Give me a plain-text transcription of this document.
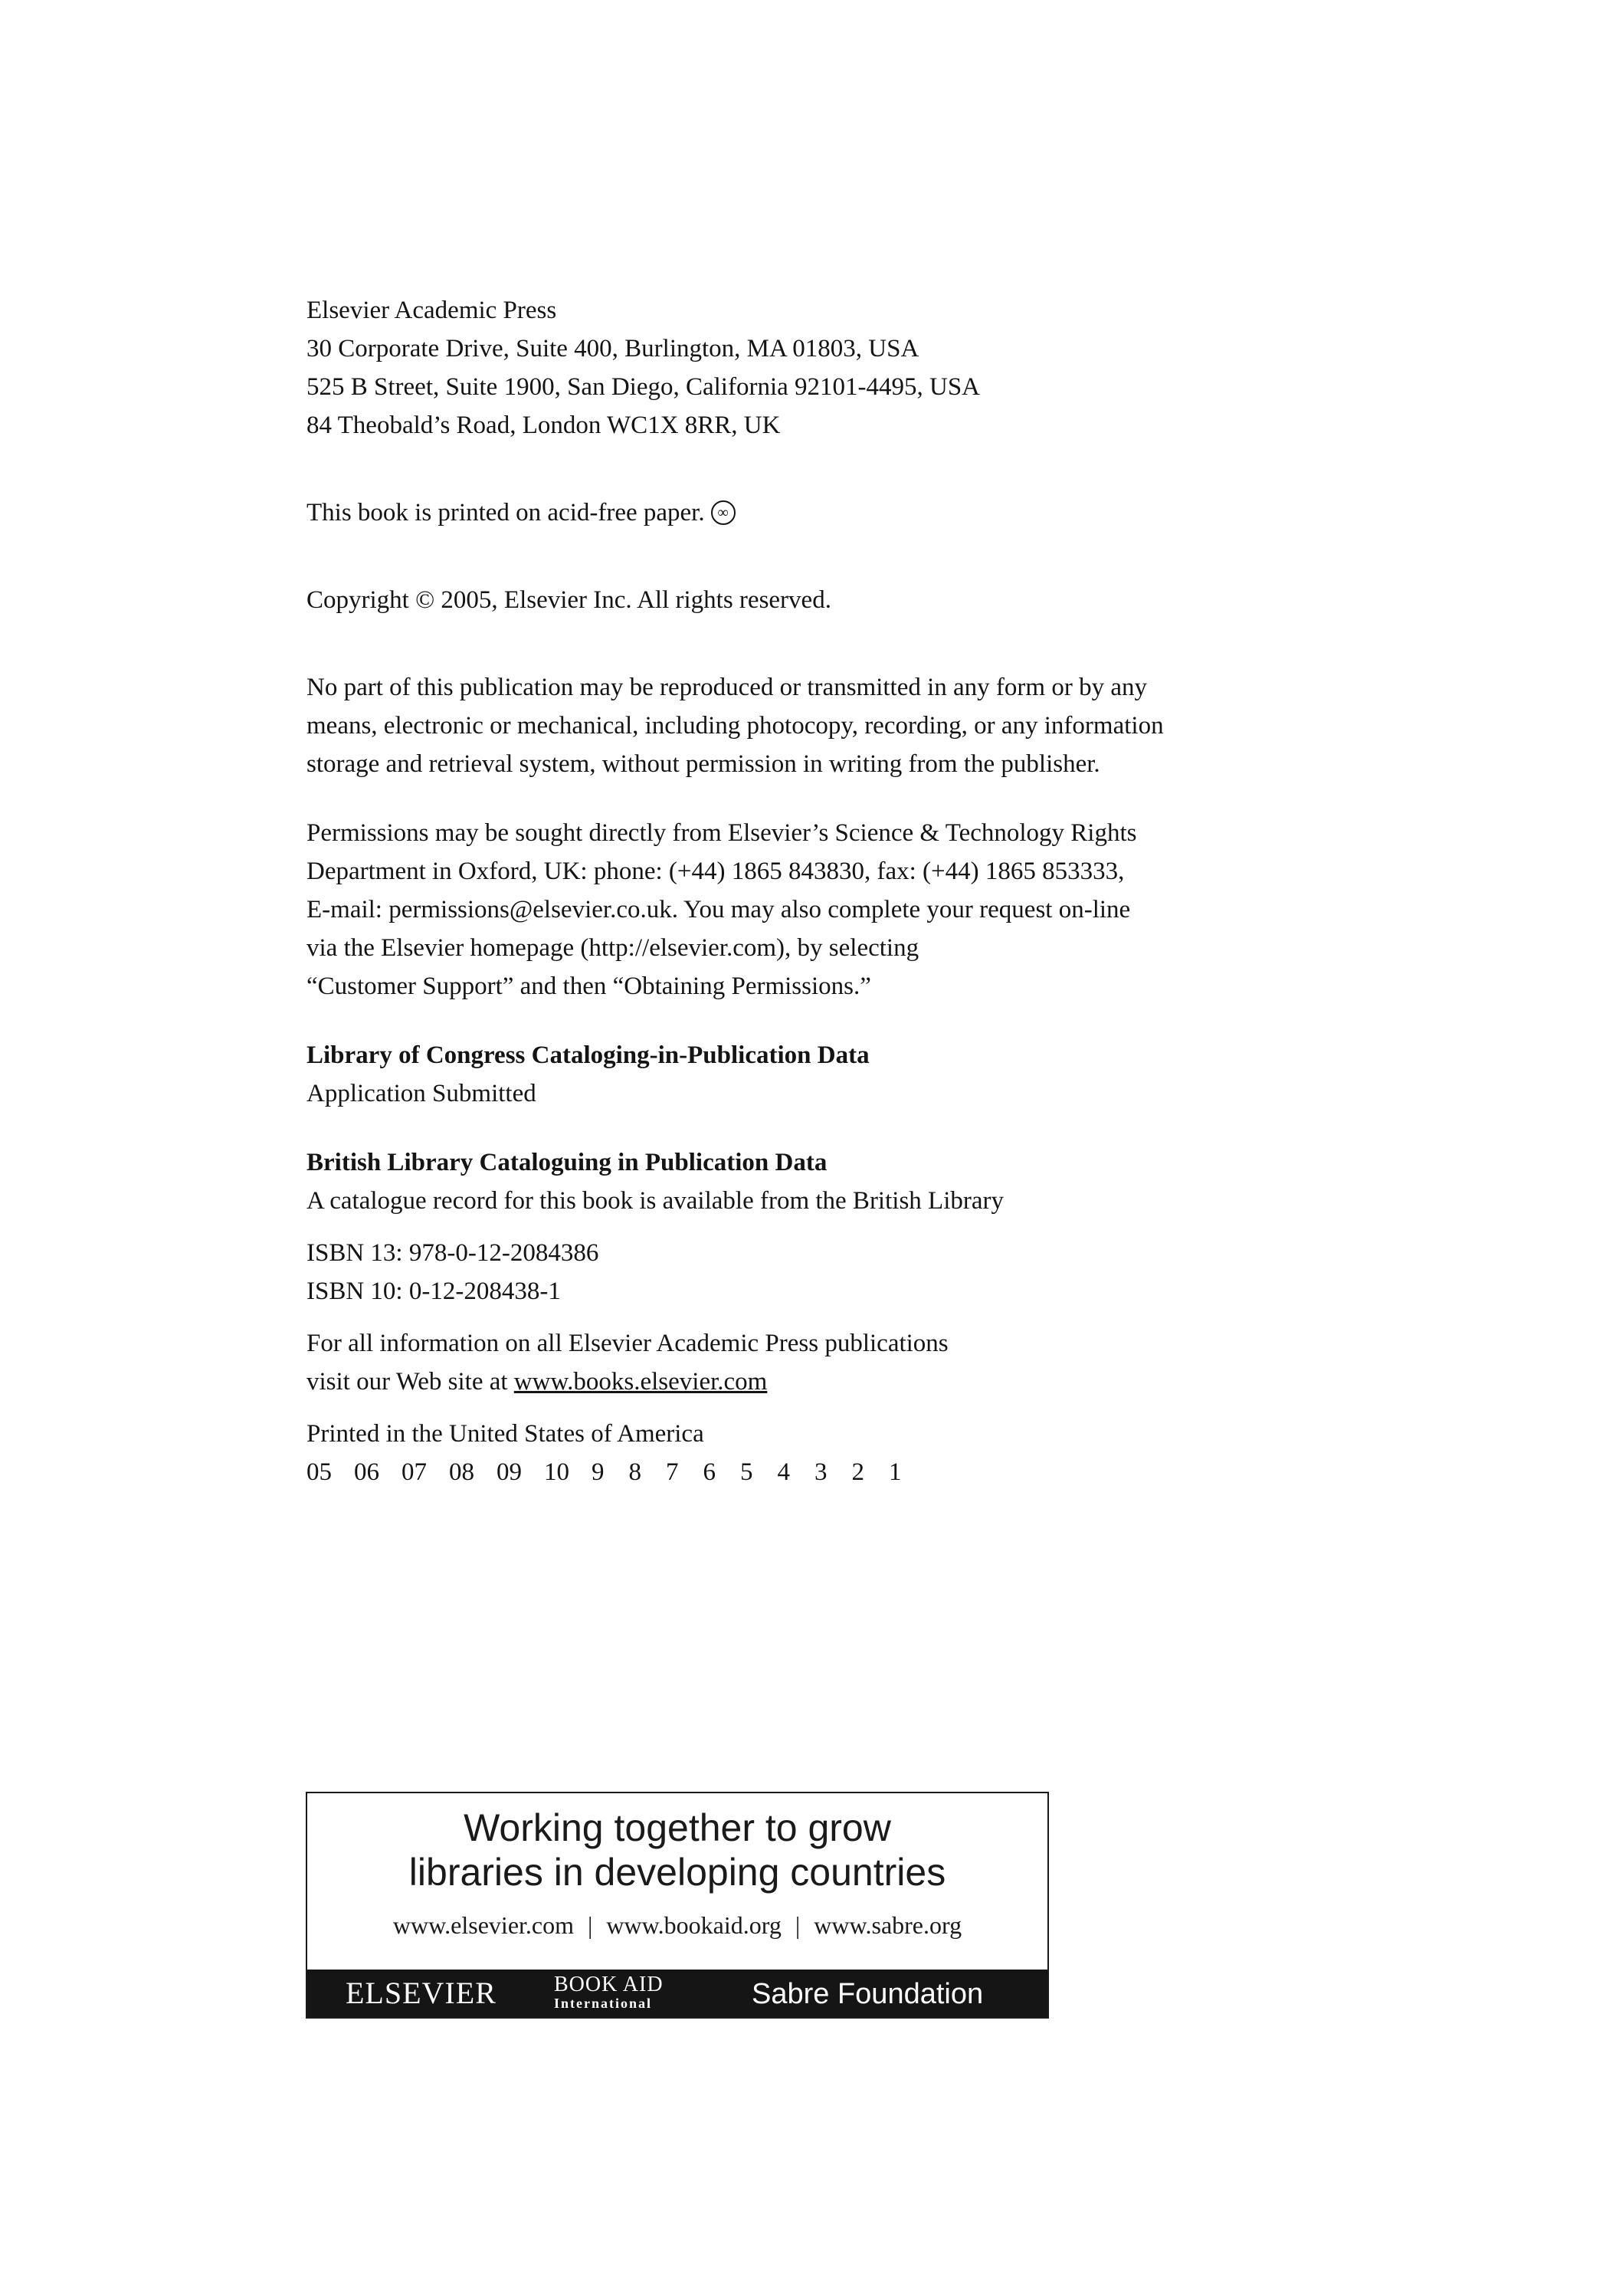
Elsevier Academic Press
30 Corporate Drive, Suite 400, Burlington, MA 01803, USA
525 B Street, Suite 1900, San Diego, California 92101-4495, USA
84 Theobald’s Road, London WC1X 8RR, UK
This book is printed on acid-free paper. ∞
Copyright © 2005, Elsevier Inc. All rights reserved.
No part of this publication may be reproduced or transmitted in any form or by any
means, electronic or mechanical, including photocopy, recording, or any information
storage and retrieval system, without permission in writing from the publisher.
Permissions may be sought directly from Elsevier’s Science & Technology Rights
Department in Oxford, UK: phone: (+44) 1865 843830, fax: (+44) 1865 853333,
E-mail: permissions@elsevier.co.uk. You may also complete your request on-line
via the Elsevier homepage (http://elsevier.com), by selecting
“Customer Support” and then “Obtaining Permissions.”
Library of Congress Cataloging-in-Publication Data
Application Submitted
British Library Cataloguing in Publication Data
A catalogue record for this book is available from the British Library
ISBN 13: 978-0-12-2084386
ISBN 10: 0-12-208438-1
For all information on all Elsevier Academic Press publications
visit our Web site at www.books.elsevier.com
Printed in the United States of America
05 06 07 08 09 10 9 8 7 6 5 4 3 2 1
Working together to grow
libraries in developing countries
www.elsevier.com | www.bookaid.org | www.sabre.org
ELSEVIER	BOOK AID
International	Sabre Foundation
